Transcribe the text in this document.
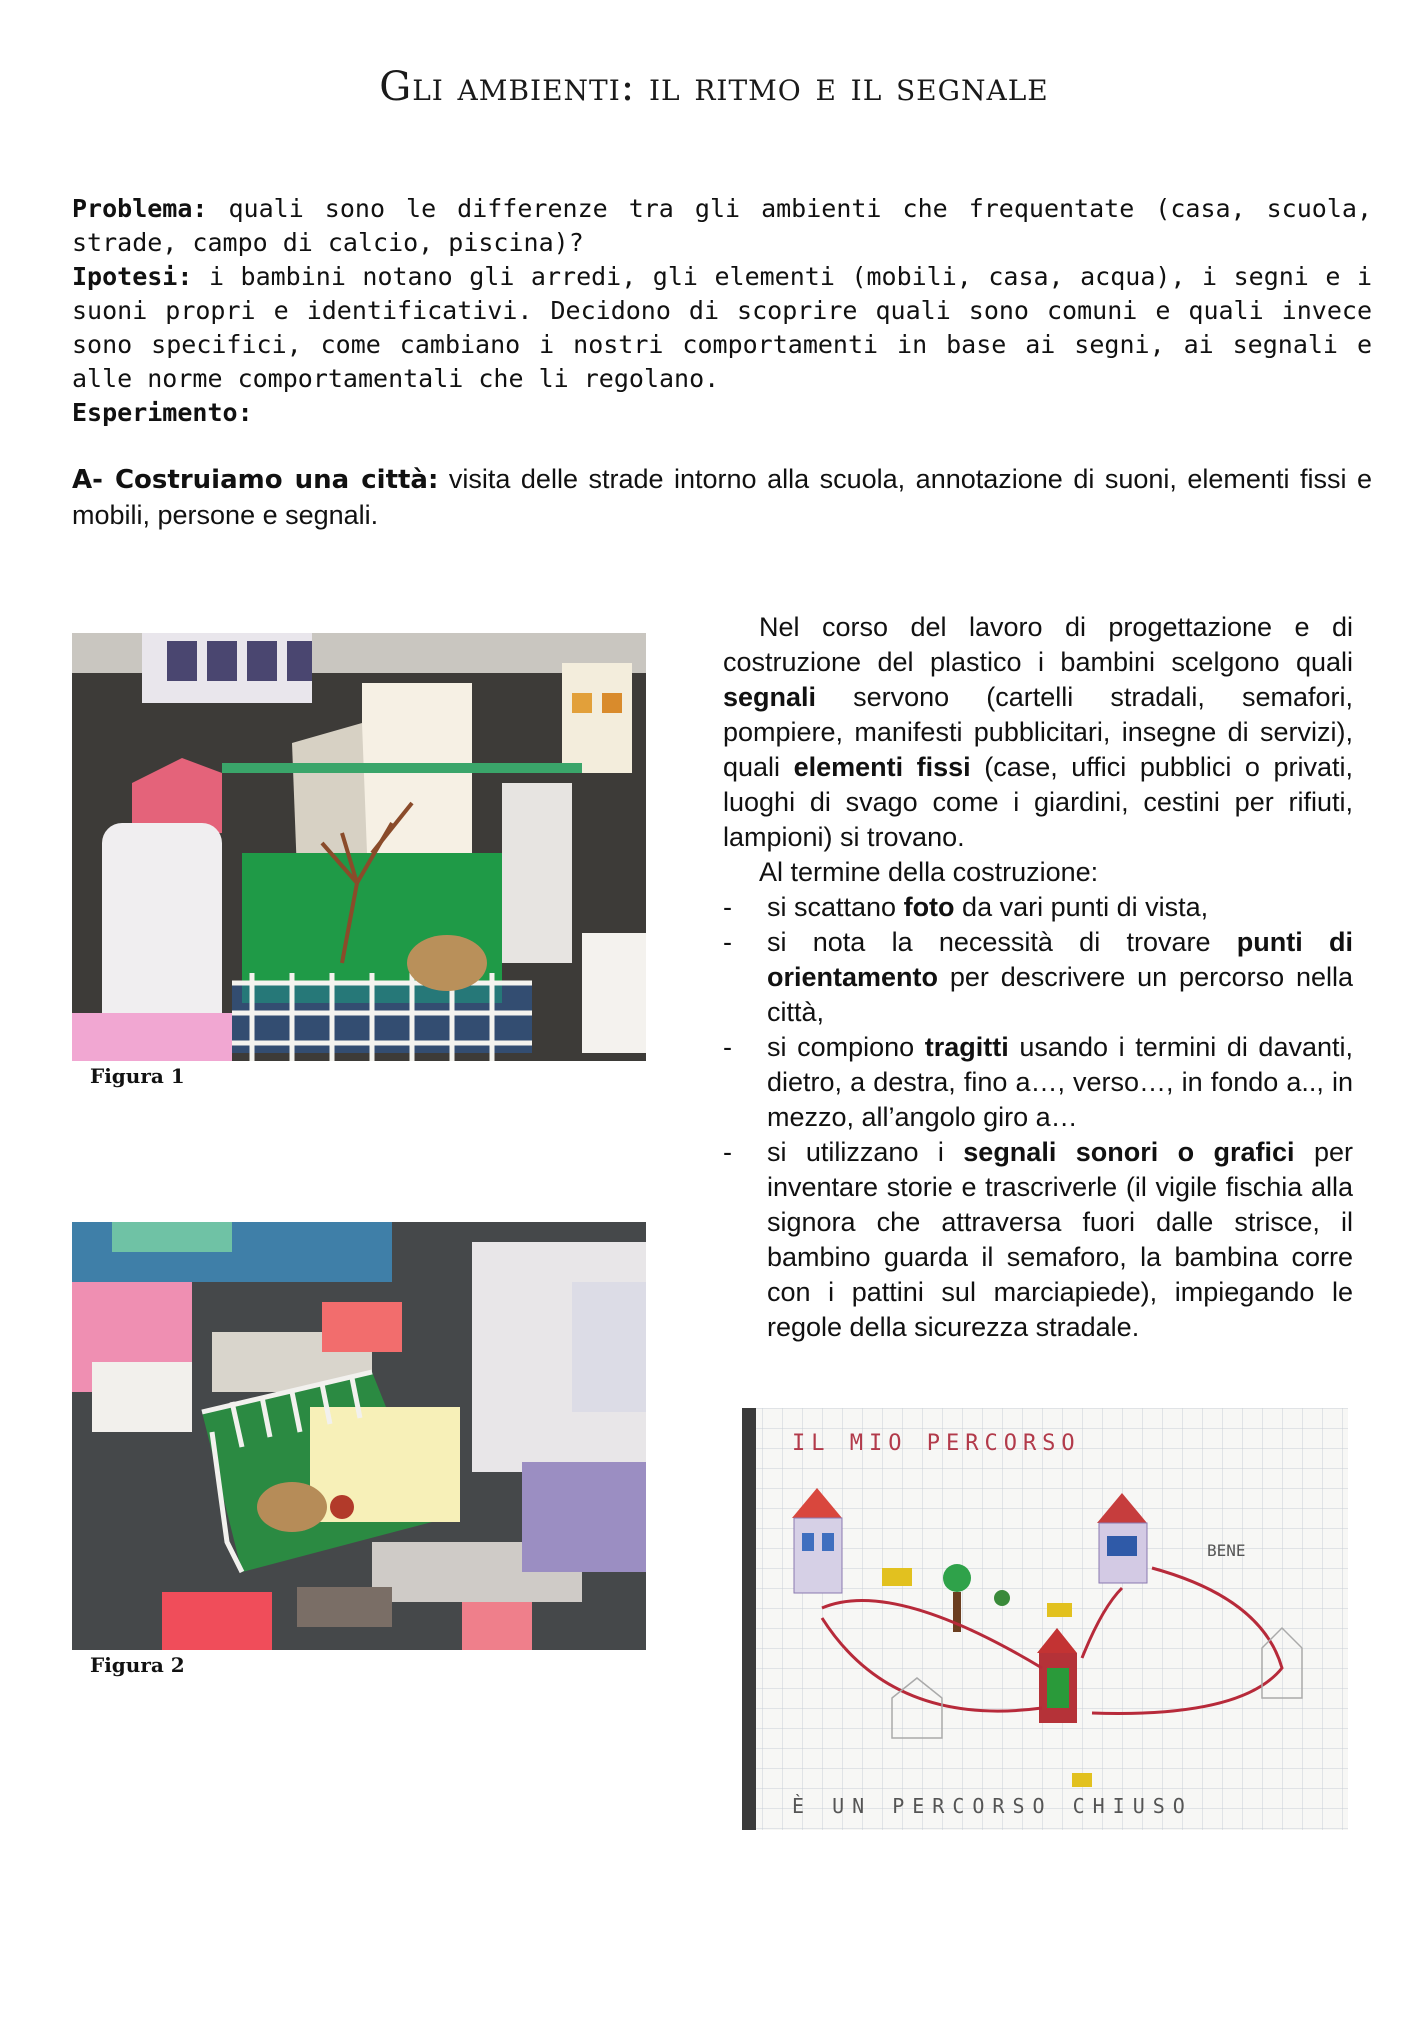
Gli ambienti: il ritmo e il segnale

Problema: quali sono le differenze tra gli ambienti che frequentate (casa, scuola, strade, campo di calcio, piscina)?

Ipotesi: i bambini notano gli arredi, gli elementi (mobili, casa, acqua), i segni e i suoni propri e identificativi. Decidono di scoprire quali sono comuni e quali invece sono specifici, come cambiano i nostri comportamenti in base ai segni, ai segnali e alle norme comportamentali che li regolano.

Esperimento:

A- Costruiamo una città: visita delle strade intorno alla scuola, annotazione di suoni, elementi fissi e mobili, persone e segnali.
Figura 1
Figura 2

Nel corso del lavoro di progettazione e di costruzione del plastico i bambini scelgono quali segnali servono (cartelli stradali, semafori, pompiere, manifesti pubblicitari, insegne di servizi), quali elementi fissi (case, uffici pubblici o privati, luoghi di svago come i giardini, cestini per rifiuti, lampioni) si trovano.

Al termine della costruzione:

- si scattano foto da vari punti di vista,
- si nota la necessità di trovare punti di orientamento per descrivere un percorso nella città,
- si compiono tragitti usando i termini di davanti, dietro, a destra, fino a…, verso…, in fondo a.., in mezzo, all’angolo giro a…
- si utilizzano i segnali sonori o grafici per inventare storie e trascriverle (il vigile fischia alla signora che attraversa fuori dalle strisce, il bambino guarda il semaforo, la bambina corre con i pattini sul marciapiede), impiegando le regole della sicurezza stradale.
IL MIO PERCORSO
BENE
È UN PERCORSO CHIUSO
